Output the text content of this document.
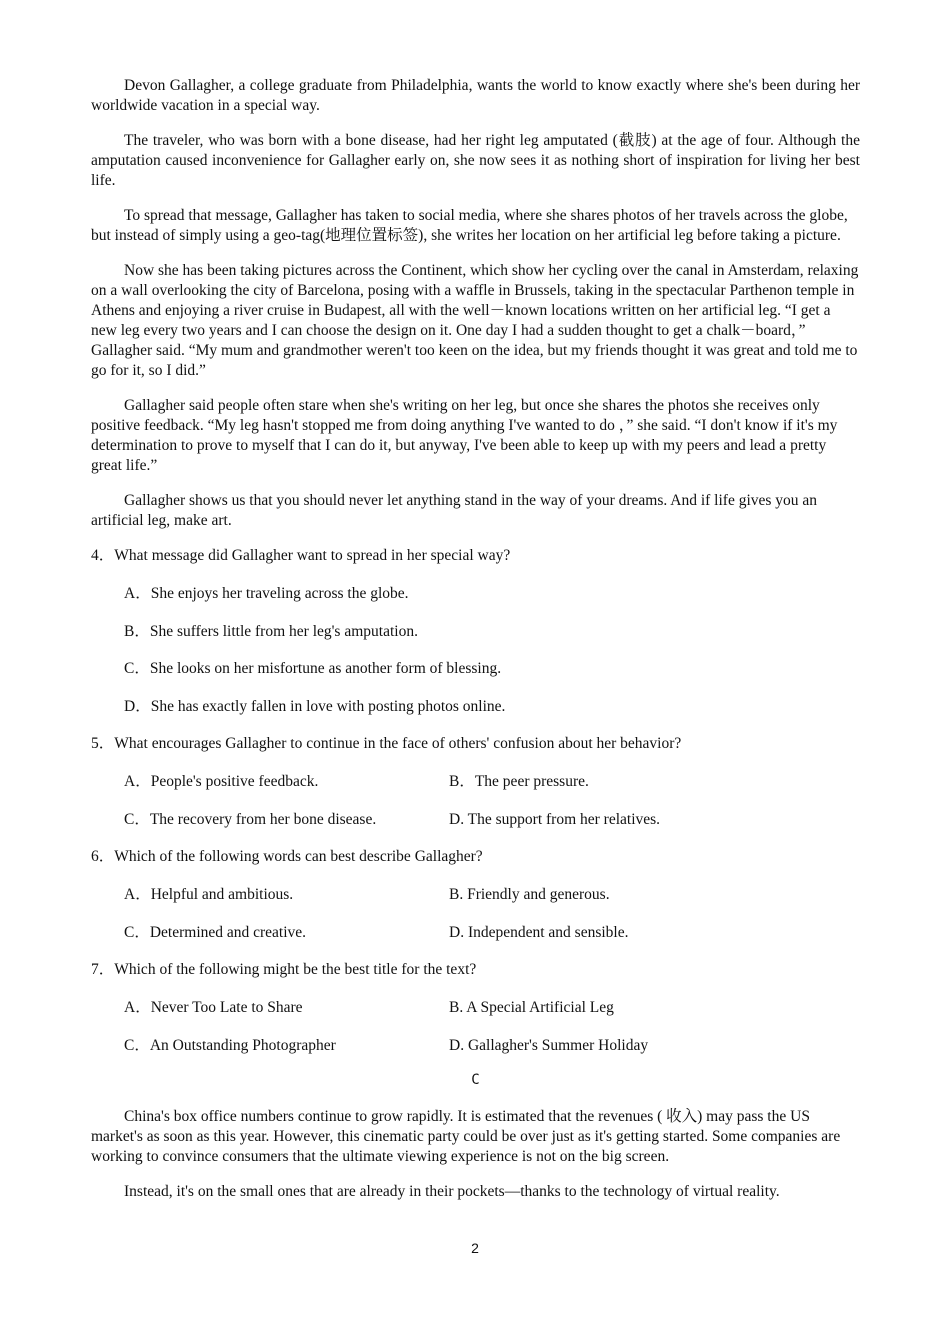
Devon Gallagher, a college graduate from Philadelphia, wants the world to know exactly where she's been during her worldwide vacation in a special way.

The traveler, who was born with a bone disease, had her right leg amputated (截肢) at the age of four. Although the amputation caused inconvenience for Gallagher early on, she now sees it as nothing short of inspiration for living her best life.

To spread that message, Gallagher has taken to social media, where she shares photos of her travels across the globe, but instead of simply using a geo-tag(地理位置标签), she writes her location on her artificial leg before taking a picture.

Now she has been taking pictures across the Continent, which show her cycling over the canal in Amsterdam, relaxing on a wall overlooking the city of Barcelona, posing with a waffle in Brussels, taking in the spectacular Parthenon temple in Athens and enjoying a river cruise in Budapest, all with the well－known locations written on her artificial leg. “I get a new leg every two years and I can choose the design on it. One day I had a sudden thought to get a chalk－board，” Gallagher said. “My mum and grandmother weren't too keen on the idea, but my friends thought it was great and told me to go for it, so I did.”

Gallagher said people often stare when she's writing on her leg, but once she shares the photos she receives only positive feedback. “My leg hasn't stopped me from doing anything I've wanted to do ，” she said. “I don't know if it's my determination to prove to myself that I can do it, but anyway, I've been able to keep up with my peers and lead a pretty great life.”

Gallagher shows us that you should never let anything stand in the way of your dreams. And if life gives you an artificial leg, make art.

4．What message did Gallagher want to spread in her special way?
A．She enjoys her traveling across the globe.
B．She suffers little from her leg's amputation.
C．She looks on her misfortune as another form of blessing.
D．She has exactly fallen in love with posting photos online.
5．What encourages Gallagher to continue in the face of others' confusion about her behavior?
A．People's positive feedback.	B．The peer pressure.
C．The recovery from her bone disease.	D. The support from her relatives.
6．Which of the following words can best describe Gallagher?
A．Helpful and ambitious.	B. Friendly and generous.
C．Determined and creative.	D. Independent and sensible.
7．Which of the following might be the best title for the text?
A．Never Too Late to Share	B. A Special Artificial Leg
C．An Outstanding Photographer	D. Gallagher's Summer Holiday
C

China's box office numbers continue to grow rapidly. It is estimated that the revenues ( 收入) may pass the US market's as soon as this year. However, this cinematic party could be over just as it's getting started. Some companies are working to convince consumers that the ultimate viewing experience is not on the big screen.

Instead, it's on the small ones that are already in their pockets—thanks to the technology of virtual reality.

2
